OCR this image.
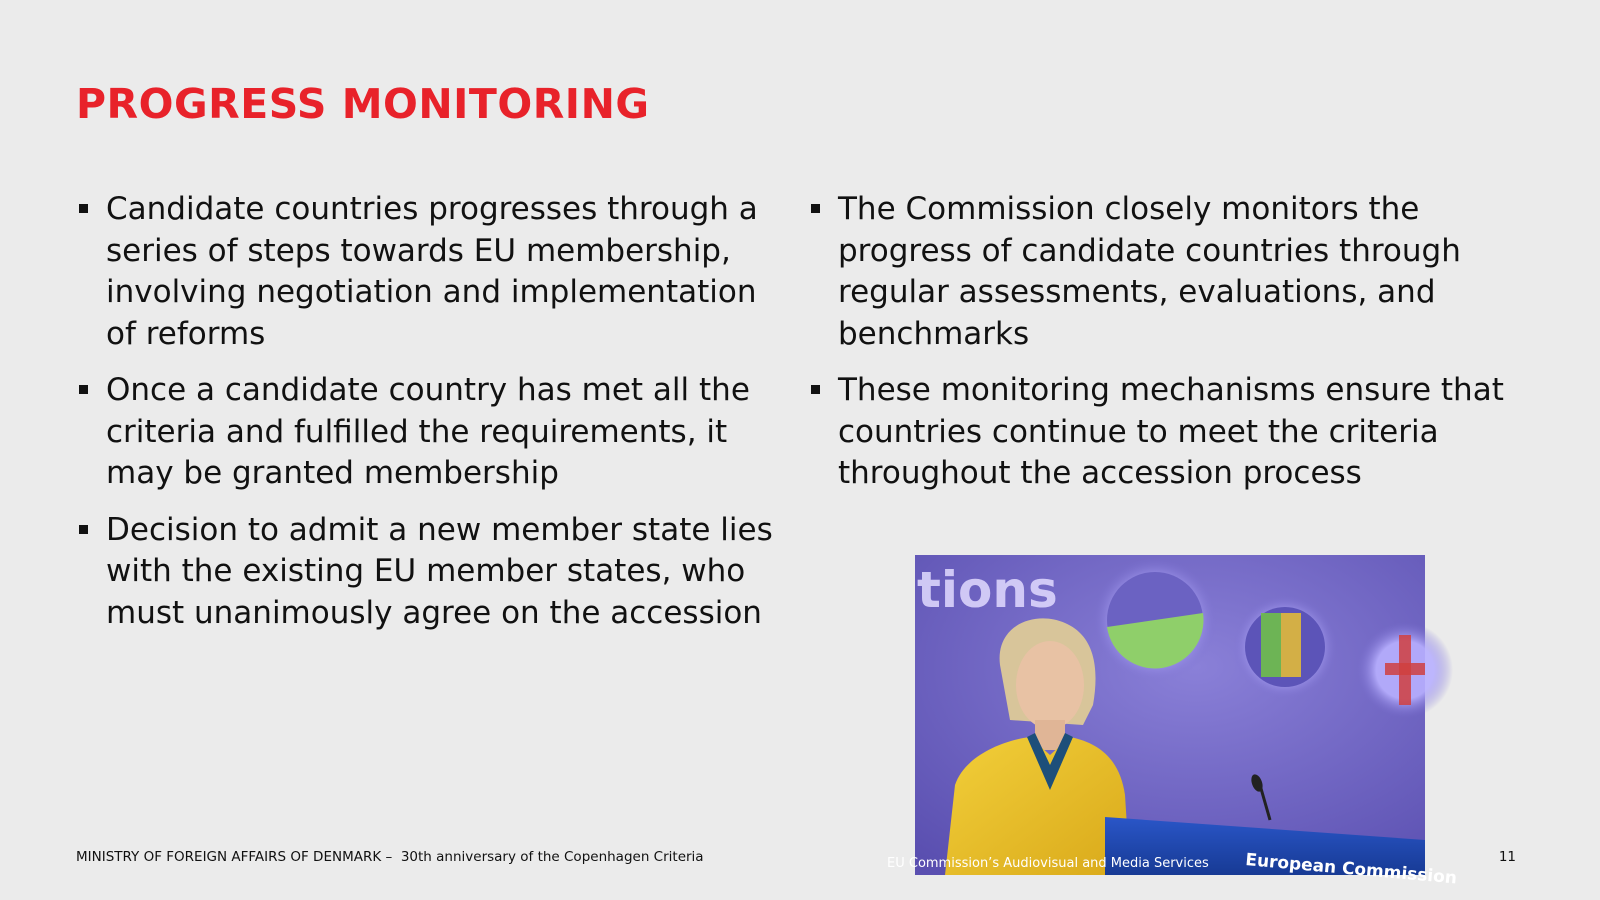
PROGRESS MONITORING
Candidate countries progresses through a series of steps towards EU membership, involving negotiation and implementation of reforms
Once a candidate country has met all the criteria and fulfilled the requirements, it may be granted membership
Decision to admit a new member state lies with the existing EU member states, who must unanimously agree on the accession
The Commission closely monitors the progress of candidate countries through regular assessments, evaluations, and benchmarks
These monitoring mechanisms ensure that countries continue to meet the criteria throughout the accession process
tions
European Commission
EU Commission’s Audiovisual and Media Services
MINISTRY OF FOREIGN AFFAIRS OF DENMARK –  30th anniversary of the Copenhagen Criteria	11
